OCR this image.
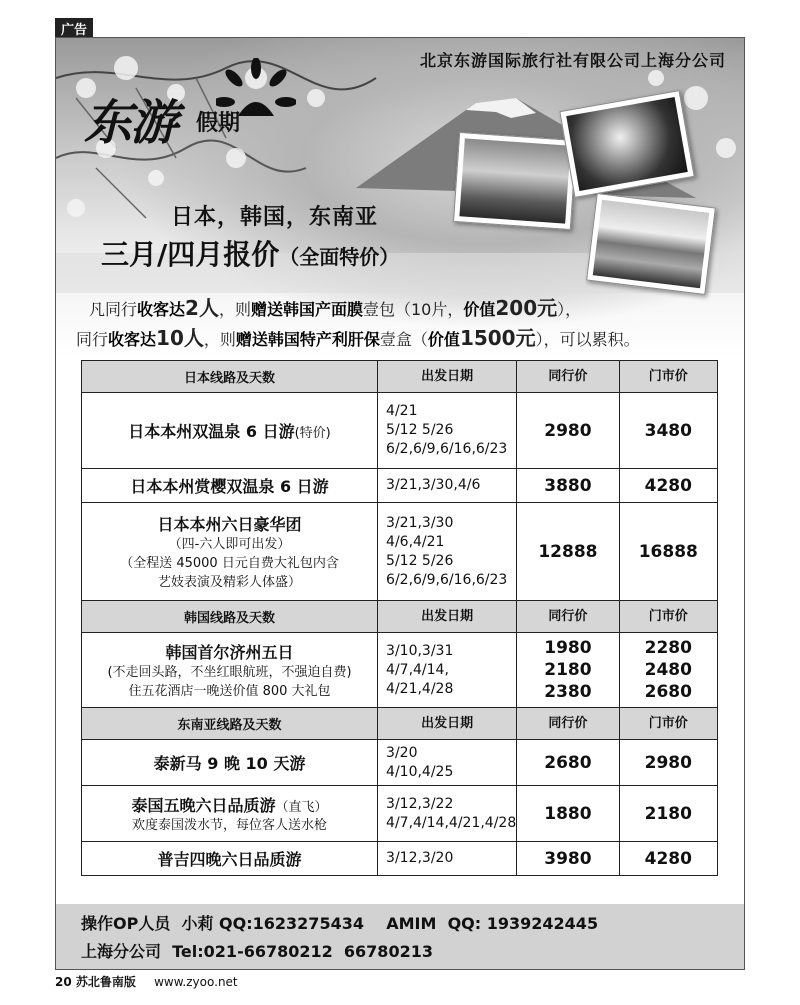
广告
北京东游国际旅行社有限公司上海分公司
东游 假期
日本，韩国，东南亚
三月/四月报价（全面特价）
凡同行收客达2人，则赠送韩国产面膜壹包（10片，价值200元），
同行收客达10人，则赠送韩国特产利肝保壹盒（价值1500元），可以累积。
日本线路及天数	出发日期	同行价	门市价

日本本州双温泉 6 日游(特价)	4/21
5/12 5/26
6/2,6/9,6/16,6/23	2980	3480

日本本州赏樱双温泉 6 日游	3/21,3/30,4/6	3880	4280

日本本州六日豪华团
（四-六人即可出发）
（全程送 45000 日元自费大礼包内含
艺妓表演及精彩人体盛）	3/21,3/30
4/6,4/21
5/12 5/26
6/2,6/9,6/16,6/23	12888	16888

韩国线路及天数	出发日期	同行价	门市价

韩国首尔济州五日
(不走回头路，不坐红眼航班，不强迫自费)
住五花酒店一晚送价值 800 大礼包	3/10,3/31
4/7,4/14,
4/21,4/28	1980
2180
2380	2280
2480
2680

东南亚线路及天数	出发日期	同行价	门市价

泰新马 9 晚 10 天游	3/20
4/10,4/25	2680	2980

泰国五晚六日品质游（直飞）
欢度泰国泼水节，每位客人送水枪	3/12,3/22
4/7,4/14,4/21,4/28	1880	2180

普吉四晚六日品质游	3/12,3/20	3980	4280
操作OP人员  小莉 QQ:1623275434    AMIM  QQ: 1939242445
上海分公司  Tel:021-66780212  66780213
20 苏北鲁南版 www.zyoo.net
